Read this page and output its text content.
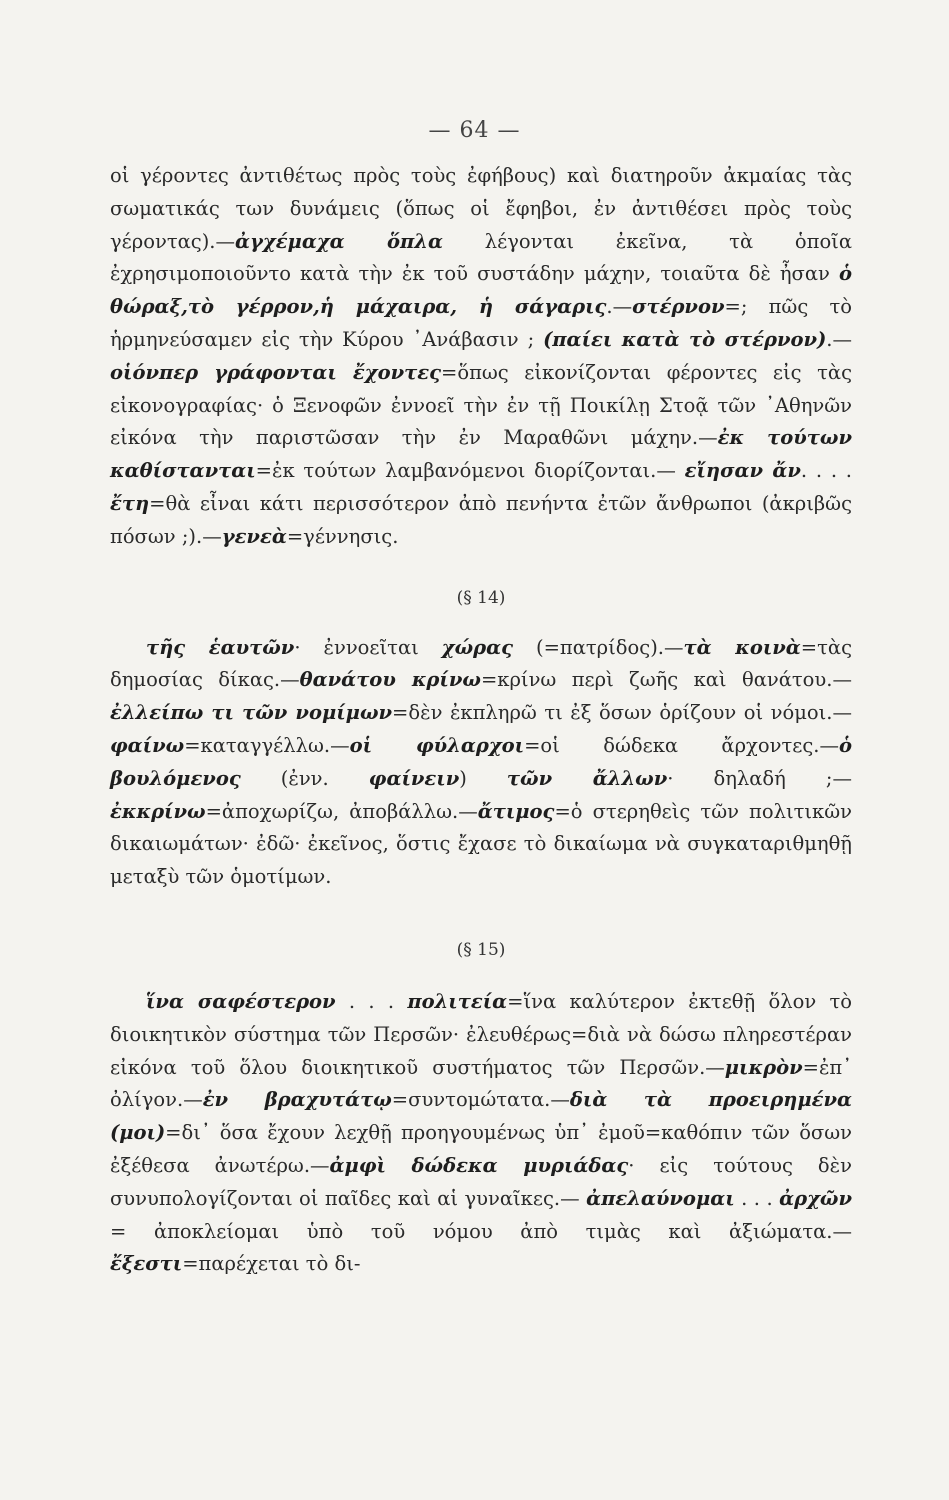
— 64 —

οἱ γέροντες ἀντιθέτως πρὸς τοὺς ἐφήβους) καὶ διατηροῦν ἀκμαίας τὰς σωματικάς των δυνάμεις (ὅπως οἱ ἔφηβοι, ἐν ἀντιθέσει πρὸς τοὺς γέροντας).—ἀγχέμαχα ὅπλα λέγονται ἐκεῖνα, τὰ ὁποῖα ἐχρησιμοποιοῦντο κατὰ τὴν ἐκ τοῦ συστάδην μάχην, τοιαῦτα δὲ ἦσαν ὁ θώραξ,τὸ γέρρον,ἡ μάχαιρα, ἡ σάγαρις.—στέρνον=; πῶς τὸ ἡρμηνεύσαμεν εἰς τὴν Κύρου ᾿Ανάβασιν ; (παίει κατὰ τὸ στέρνον).— οἱόνπερ γράφονται ἔχοντες=ὅπως εἰκονίζονται φέροντες εἰς τὰς εἰκονογραφίας· ὁ Ξενοφῶν ἐννοεῖ τὴν ἐν τῇ Ποικίλῃ Στοᾷ τῶν ᾿Αθηνῶν εἰκόνα τὴν παριστῶσαν τὴν ἐν Μαραθῶνι μάχην.—ἐκ τούτων καθίστανται=ἐκ τούτων λαμβανόμενοι διορίζονται.— εἴησαν ἄν. . . . ἔτη=θὰ εἶναι κάτι περισσότερον ἀπὸ πενήντα ἐτῶν ἄνθρωποι (ἀκριβῶς πόσων ;).—γενεὰ=γέννησις.

(§ 14)

τῆς ἑαυτῶν· ἐννοεῖται χώρας (=πατρίδος).—τὰ κοινὰ=τὰς δημοσίας δίκας.—θανάτου κρίνω=κρίνω περὶ ζωῆς καὶ θανάτου.—ἐλλείπω τι τῶν νομίμων=δὲν ἐκπληρῶ τι ἐξ ὅσων ὁρίζουν οἱ νόμοι.—φαίνω=καταγγέλλω.—οἱ φύλαρχοι=οἱ δώδεκα ἄρχοντες.—ὁ βουλόμενος (ἐνν. φαίνειν) τῶν ἄλλων· δηλαδή ;—ἐκκρίνω=ἀποχωρίζω, ἀποβάλλω.—ἄτιμος=ὁ στερηθεὶς τῶν πολιτικῶν δικαιωμάτων· ἐδῶ· ἐκεῖνος, ὅστις ἔχασε τὸ δικαίωμα νὰ συγκαταριθμηθῇ μεταξὺ τῶν ὁμοτίμων.

(§ 15)

ἵνα σαφέστερον . . . πολιτεία=ἵνα καλύτερον ἐκτεθῇ ὅλον τὸ διοικητικὸν σύστημα τῶν Περσῶν· ἐλευθέρως=διὰ νὰ δώσω πληρεστέραν εἰκόνα τοῦ ὅλου διοικητικοῦ συστήματος τῶν Περσῶν.—μικρὸν=ἐπ᾿ ὀλίγον.—ἐν βραχυτάτῳ=συντομώτατα.—διὰ τὰ προειρημένα (μοι)=δι᾿ ὅσα ἔχουν λεχθῇ προηγουμένως ὑπ᾿ ἐμοῦ=καθόπιν τῶν ὅσων ἐξέθεσα ἀνωτέρω.—ἀμφὶ δώδεκα μυριάδας· εἰς τούτους δὲν συνυπολογίζονται οἱ παῖδες καὶ αἱ γυναῖκες.— ἀπελαύνομαι . . . ἀρχῶν = ἀποκλείομαι ὑπὸ τοῦ νόμου ἀπὸ τιμὰς καὶ ἀξιώματα.—ἔξεστι=παρέχεται τὸ δι-
